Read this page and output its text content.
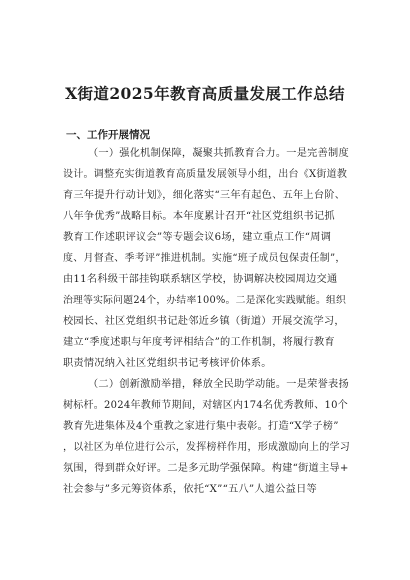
X街道2025年教育高质量发展工作总结
一、工作开展情况
（一）强化机制保障，凝聚共抓教育合力。一是完善制度
设计。调整充实街道教育高质量发展领导小组，出台《X街道教
育三年提升行动计划》，细化落实“三年有起色、五年上台阶、
八年争优秀”战略目标。本年度累计召开“社区党组织书记抓
教育工作述职评议会”等专题会议6场，建立重点工作“周调
度、月督查、季考评”推进机制。实施“班子成员包保责任制”，
由11名科级干部挂钩联系辖区学校，协调解决校园周边交通
治理等实际问题24个，办结率100%。二是深化实践赋能。组织
校园长、社区党组织书记赴邻近乡镇（街道）开展交流学习，
建立“季度述职与年度考评相结合”的工作机制，将履行教育
职责情况纳入社区党组织书记考核评价体系。
（二）创新激励举措，释放全民助学动能。一是荣誉表扬
树标杆。2024年教师节期间，对辖区内174名优秀教师、10个
教育先进集体及4个重教之家进行集中表彰。打造“X学子榜”
，以社区为单位进行公示，发挥榜样作用，形成激励向上的学习
氛围，得到群众好评。二是多元助学强保障。构建“街道主导+
社会参与”多元筹资体系，依托“X”“五八”人道公益日等
